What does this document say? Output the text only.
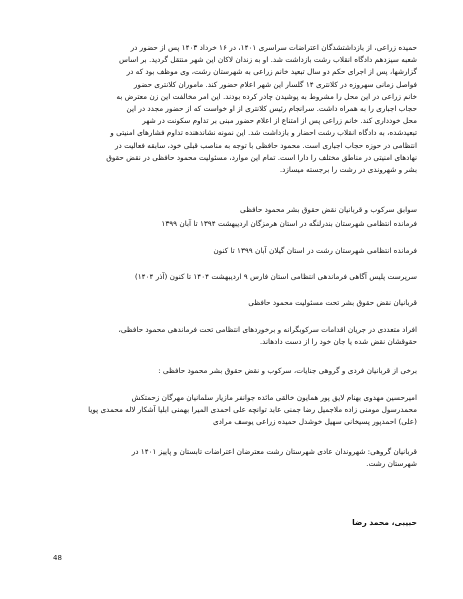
حمیده زراعی، از بازداشتشدگان اعتراضات سراسری ۱۴۰۱، در ۱۶ خرداد ۱۴۰۳ پس از حضور در
شعبه سیزدهم دادگاه انقلاب رشت بازداشت شد. او به زندان لاکان این شهر منتقل گردید. بر اساس
گزارشها، پس از اجرای حکم دو سال تبعید خانم زراعی به شهرستان رشت، وی موظف بود که در
فواصل زمانی سهروزه در کلانتری ۱۴ گلسار این شهر اعلام حضور کند. ماموران کلانتری حضور
خانم زراعی در این محل را مشروط به پوشیدن چادر کرده بودند. این امر مخالفت این زن معترض به
حجاب اجباری را به همراه داشت. سرانجام رئیس کلانتری از او خواست که از حضور مجدد در این
محل خودداری کند. خانم زراعی پس از امتناع از اعلام حضور مبنی بر تداوم سکونت در شهر
تبعیدشده، به دادگاه انقلاب رشت احضار و بازداشت شد. این نمونه نشاندهنده تداوم فشارهای امنیتی و
انتظامی در حوزه حجاب اجباری است. محمود حافظی با توجه به مناصب قبلی خود، سابقه فعالیت در
نهادهای امنیتی در مناطق مختلف را دارا است. تمام این موارد، مسئولیت محمود حافظی در نقض حقوق
بشر و شهروندی در رشت را برجسته میسازد.
سوابق سرکوب و قربانیان نقض حقوق بشر محمود حافظی
فرمانده انتظامی شهرستان بندرلنگه در استان هرمزگان اردیبهشت ۱۳۹۴ تا آبان ۱۳۹۹
فرمانده انتظامی شهرستان رشت در استان گیلان آبان ۱۳۹۹ تا کنون
سرپرست پلیس آگاهی فرماندهی انتظامی استان فارس ۹ اردیبهشت ۱۴۰۴ تا کنون (آذر ۱۴۰۴)
قربانیان نقض حقوق بشر تحت مسئولیت محمود حافظی
افراد متعددی در جریان اقدامات سرکوبگرانه و برخوردهای انتظامی تحت فرماندهی محمود حافظی،
حقوقشان نقض شده یا جان خود را از دست دادهاند.
برخی از قربانیان فردی و گروهی جنایات، سرکوب و نقض حقوق بشر محمود حافظی :
امیرحسین مهدوی بهنام لایق پور همایون خالقی مائده جوانفر مازیار سلمانیان مهرگان زحمتکش
محمدرسول مومنی زاده ملاجمیل رضا جمنی عابد توانچه علی احمدی المیرا بهمنی ابلیا آشکار لاله محمدی پویا
(علی) احمدپور پسیخانی سهیل خوشدل حمیده زراعی یوسف مرادی
قربانیان گروهی: شهروندان عادی شهرستان رشت معترضان اعتراضات تابستان و پاییز ۱۴۰۱ در
شهرستان رشت.
حبیبی، محمد رضا
48
